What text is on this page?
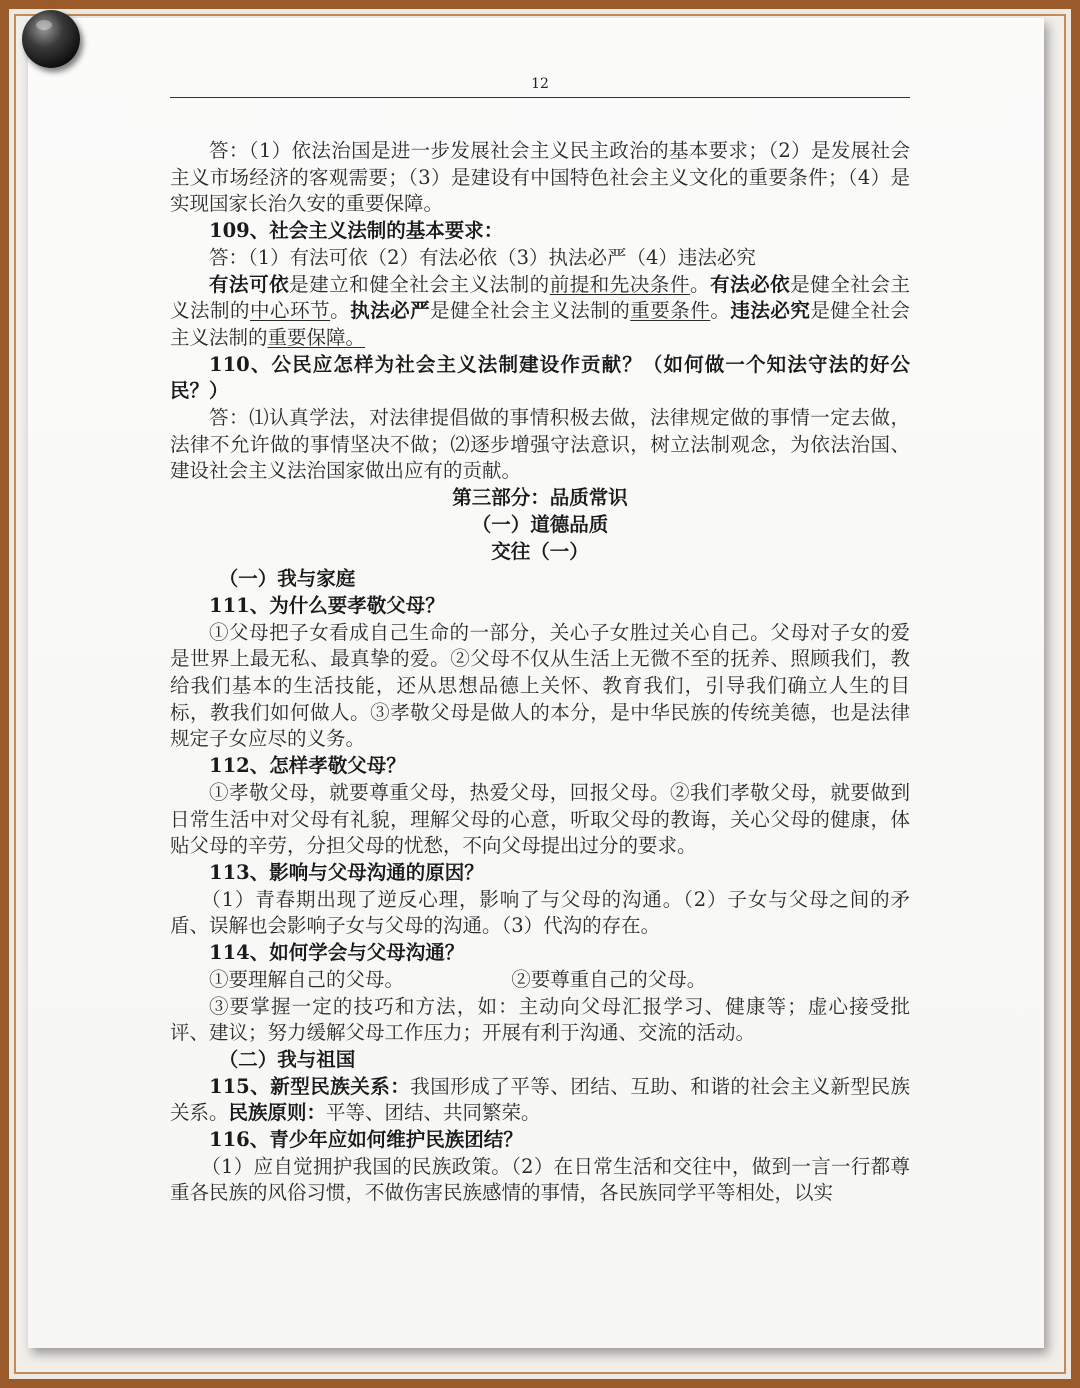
12

答：（1）依法治国是进一步发展社会主义民主政治的基本要求；（2）是发展社会主义市场经济的客观需要；（3）是建设有中国特色社会主义文化的重要条件；（4）是实现国家长治久安的重要保障。

109、社会主义法制的基本要求：

答：（1）有法可依（2）有法必依（3）执法必严（4）违法必究

有法可依是建立和健全社会主义法制的前提和先决条件。有法必依是健全社会主义法制的中心环节。执法必严是健全社会主义法制的重要条件。违法必究是健全社会主义法制的重要保障。

110、公民应怎样为社会主义法制建设作贡献？（如何做一个知法守法的好公民？）

答：⑴认真学法，对法律提倡做的事情积极去做，法律规定做的事情一定去做，法律不允许做的事情坚决不做；⑵逐步增强守法意识，树立法制观念，为依法治国、建设社会主义法治国家做出应有的贡献。

第三部分：品质常识

（一）道德品质

交往（一）

（一）我与家庭

111、为什么要孝敬父母？

①父母把子女看成自己生命的一部分，关心子女胜过关心自己。父母对子女的爱是世界上最无私、最真挚的爱。②父母不仅从生活上无微不至的抚养、照顾我们，教给我们基本的生活技能，还从思想品德上关怀、教育我们，引导我们确立人生的目标，教我们如何做人。③孝敬父母是做人的本分，是中华民族的传统美德，也是法律规定子女应尽的义务。

112、怎样孝敬父母？

①孝敬父母，就要尊重父母，热爱父母，回报父母。②我们孝敬父母，就要做到日常生活中对父母有礼貌，理解父母的心意，听取父母的教诲，关心父母的健康，体贴父母的辛劳，分担父母的忧愁，不向父母提出过分的要求。

113、影响与父母沟通的原因？

（1）青春期出现了逆反心理，影响了与父母的沟通。（2）子女与父母之间的矛盾、误解也会影响子女与父母的沟通。（3）代沟的存在。

114、如何学会与父母沟通？

①要理解自己的父母。	②要尊重自己的父母。

③要掌握一定的技巧和方法，如：主动向父母汇报学习、健康等；虚心接受批评、建议；努力缓解父母工作压力；开展有利于沟通、交流的活动。

（二）我与祖国

115、新型民族关系：我国形成了平等、团结、互助、和谐的社会主义新型民族关系。民族原则：平等、团结、共同繁荣。

116、青少年应如何维护民族团结？

（1）应自觉拥护我国的民族政策。（2）在日常生活和交往中，做到一言一行都尊重各民族的风俗习惯，不做伤害民族感情的事情，各民族同学平等相处，以实
